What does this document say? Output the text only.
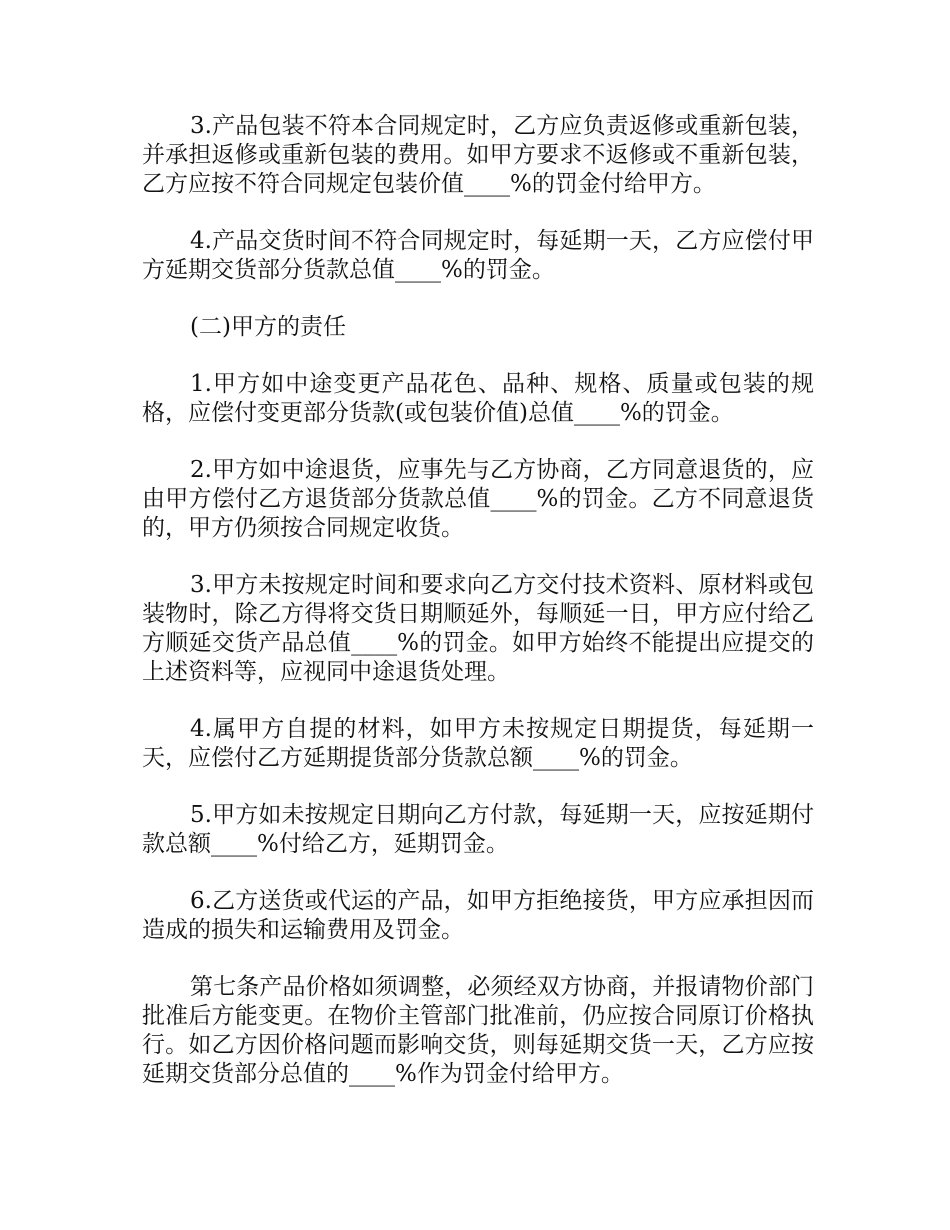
3.产品包装不符本合同规定时，乙方应负责返修或重新包装，并承担返修或重新包装的费用。如甲方要求不返修或不重新包装，乙方应按不符合同规定包装价值____%的罚金付给甲方。

4.产品交货时间不符合同规定时，每延期一天，乙方应偿付甲方延期交货部分货款总值____%的罚金。

(二)甲方的责任

1.甲方如中途变更产品花色、品种、规格、质量或包装的规格，应偿付变更部分货款(或包装价值)总值____%的罚金。

2.甲方如中途退货，应事先与乙方协商，乙方同意退货的，应由甲方偿付乙方退货部分货款总值____%的罚金。乙方不同意退货的，甲方仍须按合同规定收货。

3.甲方未按规定时间和要求向乙方交付技术资料、原材料或包装物时，除乙方得将交货日期顺延外，每顺延一日，甲方应付给乙方顺延交货产品总值____%的罚金。如甲方始终不能提出应提交的上述资料等，应视同中途退货处理。

4.属甲方自提的材料，如甲方未按规定日期提货，每延期一天，应偿付乙方延期提货部分货款总额____%的罚金。

5.甲方如未按规定日期向乙方付款，每延期一天，应按延期付款总额____%付给乙方，延期罚金。

6.乙方送货或代运的产品，如甲方拒绝接货，甲方应承担因而造成的损失和运输费用及罚金。

第七条产品价格如须调整，必须经双方协商，并报请物价部门批准后方能变更。在物价主管部门批准前，仍应按合同原订价格执行。如乙方因价格问题而影响交货，则每延期交货一天，乙方应按延期交货部分总值的____%作为罚金付给甲方。
